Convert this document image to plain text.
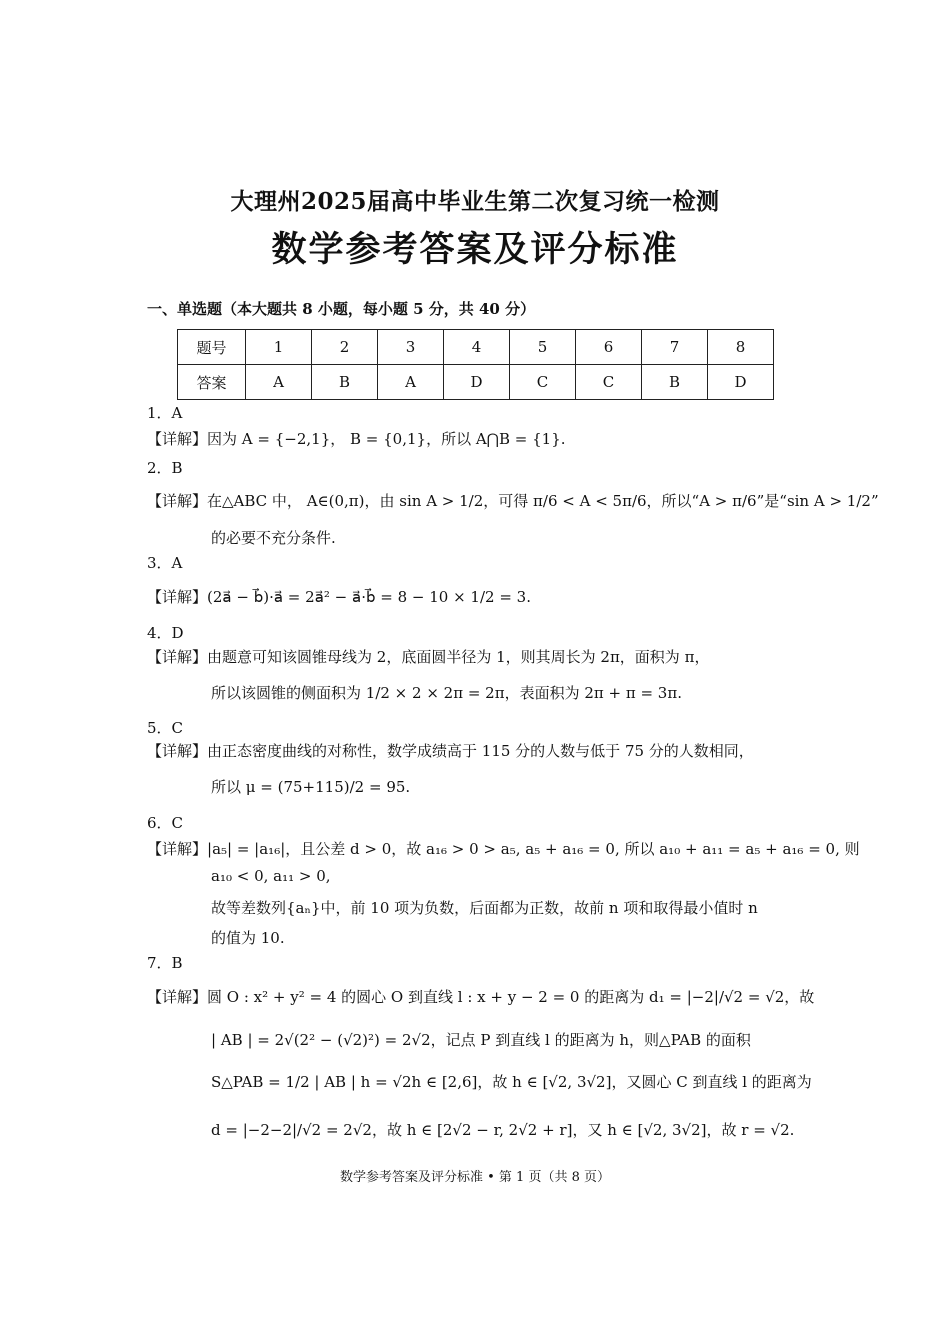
大理州2025届高中毕业生第二次复习统一检测
数学参考答案及评分标准
一、单选题（本大题共 8 小题，每小题 5 分，共 40 分）
题号	1	2	3	4	5	6	7	8
答案	A	B	A	D	C	C	B	D
1．A
【详解】因为 A = {−2,1}， B = {0,1}，所以 A⋂B = {1}.
2．B
【详解】在△ABC 中， A∈(0,π)，由 sin A > 1/2，可得 π/6 < A < 5π/6，所以“A > π/6”是“sin A > 1/2”
的必要不充分条件.
3．A
【详解】(2a⃗ − b⃗)·a⃗ = 2a⃗² − a⃗·b⃗ = 8 − 10 × 1/2 = 3.
4．D
【详解】由题意可知该圆锥母线为 2，底面圆半径为 1，则其周长为 2π，面积为 π，
所以该圆锥的侧面积为 1/2 × 2 × 2π = 2π，表面积为 2π + π = 3π.
5．C
【详解】由正态密度曲线的对称性，数学成绩高于 115 分的人数与低于 75 分的人数相同，
所以 μ = (75+115)/2 = 95.
6．C
【详解】|a₅| = |a₁₆|，且公差 d > 0，故 a₁₆ > 0 > a₅, a₅ + a₁₆ = 0, 所以 a₁₀ + a₁₁ = a₅ + a₁₆ = 0, 则
a₁₀ < 0, a₁₁ > 0,
故等差数列{aₙ}中，前 10 项为负数，后面都为正数，故前 n 项和取得最小值时 n
的值为 10.
7．B
【详解】圆 O : x² + y² = 4 的圆心 O 到直线 l : x + y − 2 = 0 的距离为 d₁ = |−2|/√2 = √2，故
| AB | = 2√(2² − (√2)²) = 2√2，记点 P 到直线 l 的距离为 h，则△PAB 的面积
S△PAB = 1/2 | AB | h = √2h ∈ [2,6]，故 h ∈ [√2, 3√2]，又圆心 C 到直线 l 的距离为
d = |−2−2|/√2 = 2√2，故 h ∈ [2√2 − r, 2√2 + r]，又 h ∈ [√2, 3√2]，故 r = √2.
数学参考答案及评分标准 • 第 1 页（共 8 页）
